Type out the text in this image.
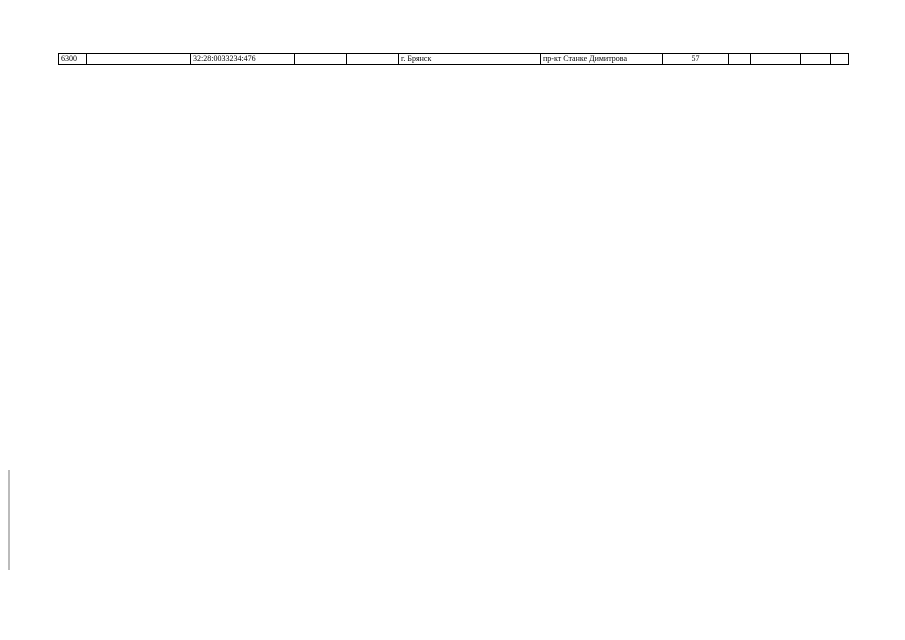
6300		32:28:0033234:476			г. Брянск	пр-кт Станке Димитрова	57				
